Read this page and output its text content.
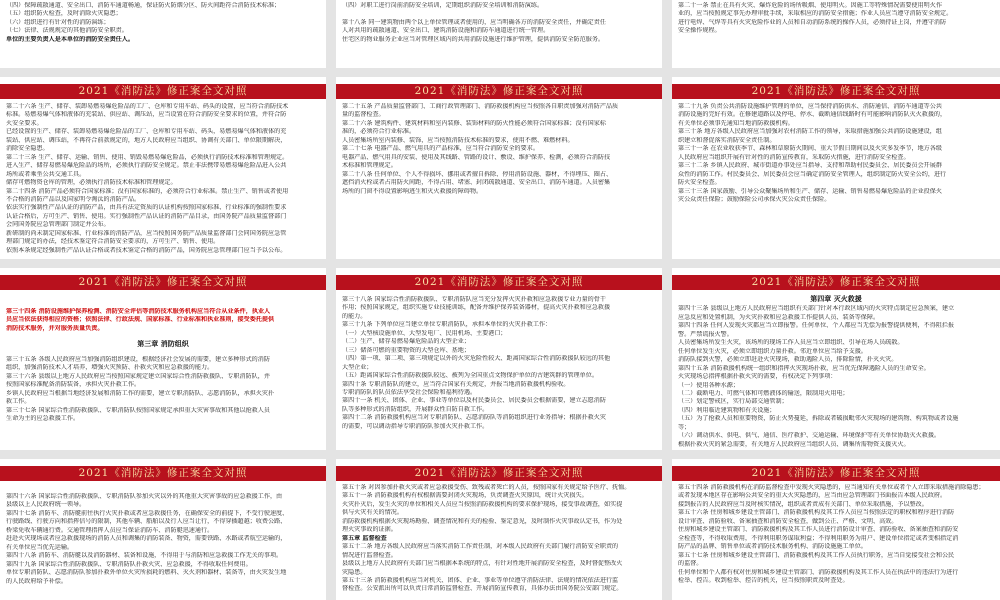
（四）保障疏散通道、安全出口、消防车通道畅通，保证防火防烟分区、防火间距符合消防技术标准；

（五）组织防火检查，及时消除火灾隐患；

（六）组织进行有针对性的消防演练；

（七）法律、法规规定的其他消防安全职责。

单位的主要负责人是本单位的消防安全责任人。

（四）对职工进行岗前消防安全培训，定期组织消防安全培训和消防演练。

第十八条 同一建筑物由两个以上单位管理或者使用的，应当明确各方的消防安全责任，并确定责任

人对共用的疏散通道、安全出口、建筑消防设施和消防车通道进行统一管理。

住宅区的物业服务企业应当对管理区域内的共用消防设施进行维护管理，提供消防安全防范服务。

第二十一条 禁止在具有火灾、爆炸危险的场所吸烟、使用明火。因施工等特殊情况需要使用明火作

业的，应当按照规定事先办理审批手续，采取相应的消防安全措施；作业人员应当遵守消防安全规定。

进行电焊、气焊等具有火灾危险作业的人员和自动消防系统的操作人员，必须持证上岗，并遵守消防

安全操作规程。

2021《消防法》修正案全文对照

第二十六条 生产、储存、装卸易燃易爆危险品的工厂、仓库和专用车站、码头的设置，应当符合消防技术

标准。易燃易爆气体和液体的充装站、供应站、调压站，应当设置在符合消防安全要求的位置，并符合防

火安全要求。

已经设置的生产、储存、装卸易燃易爆危险品的工厂、仓库和专用车站、码头，易燃易爆气体和液体的充

装站、供应站、调压站，不再符合前款规定的，地方人民政府应当组织、协调有关部门、单位限期解决，

消除安全隐患。

第二十三条 生产、储存、运输、销售、使用、销毁易燃易爆危险品，必须执行消防技术标准和管理规定。

进入生产、储存易燃易爆危险品的场所，必须执行消防安全规定。禁止非法携带易燃易爆危险品进入公共

场所或者乘坐公共交通工具。

储存可燃物资仓库的管理，必须执行消防技术标准和管理规定。

第二十四条 消防产品必须符合国家标准；没有国家标准的，必须符合行业标准。禁止生产、销售或者使用

不合格的消防产品以及国家明令淘汰的消防产品。

依法实行强制性产品认证的消防产品，由具有法定资质的认证机构按照国家标准、行业标准的强制性要求

认证合格后，方可生产、销售、使用。实行强制性产品认证的消防产品目录，由国务院产品质量监督部门

会同国务院应急管理部门制定并公布。

新研制的尚未制定国家标准、行业标准的消防产品，应当按照国务院产品质量监督部门会同国务院应急管

理部门规定的办法，经技术鉴定符合消防安全要求的，方可生产、销售、使用。

依照本条规定经强制性产品认证合格或者技术鉴定合格的消防产品，国务院应急管理部门应当予以公布。

2021《消防法》修正案全文对照

第二十五条 产品质量监督部门、工商行政管理部门、消防救援机构应当按照各自职责加强对消防产品质

量的监督检查。

第二十六条 建筑构件、建筑材料和室内装修、装饰材料的防火性能必须符合国家标准；没有国家标

准的，必须符合行业标准。

人员密集场所室内装修、装饰，应当按照消防技术标准的要求，使用不燃、难燃材料。

第二十七条 电器产品、燃气用具的产品标准，应当符合消防安全的要求。

电器产品、燃气用具的安装、使用及其线路、管路的设计、敷设、维护保养、检测，必须符合消防技

术标准和管理规定。

第二十八条 任何单位、个人不得损坏、挪用或者擅自拆除、停用消防设施、器材，不得埋压、圈占、

遮挡消火栓或者占用防火间距，不得占用、堵塞、封闭疏散通道、安全出口、消防车通道。人员密集

场所的门窗不得设置影响逃生和灭火救援的障碍物。

2021《消防法》修正案全文对照

第二十九条 负责公共消防设施维护管理的单位，应当保持消防供水、消防通信、消防车通道等公共

消防设施的完好有效。在修建道路以及停电、停水、截断通信线路时有可能影响消防队灭火救援的，

有关单位必须事先通知当地消防救援机构。

第三十条 地方各级人民政府应当加强对农村消防工作的领导，采取措施加强公共消防设施建设，组

织建立和督促落实消防安全责任制。

第三十一条 在农业收获季节、森林和草原防火期间、重大节假日期间以及火灾多发季节，地方各级

人民政府应当组织开展有针对性的消防宣传教育，采取防火措施，进行消防安全检查。

第三十二条 乡镇人民政府、城市街道办事处应当指导、支持和帮助村民委员会、居民委员会开展群

众性的消防工作。村民委员会、居民委员会应当确定消防安全管理人，组织制定防火安全公约，进行

防火安全检查。

第三十三条 国家鼓励、引导公众聚集场所和生产、储存、运输、销售易燃易爆危险品的企业投保火

灾公众责任保险；鼓励保险公司承保火灾公众责任保险。

2021《消防法》修正案全文对照

第三十四条 消防设施维护保养检测、消防安全评估等消防技术服务机构应当符合从业条件，执业人

员应当依法获得相应的资格；依照法律、行政法规、国家标准、行业标准和执业准则，接受委托提供

消防技术服务，并对服务质量负责。

第三章 消防组织

第三十五条 各级人民政府应当加强消防组织建设，根据经济社会发展的需要，建立多种形式的消防

组织，加强消防技术人才培养，增强火灾预防、扑救火灾和应急救援的能力。

第三十六条 县级以上地方人民政府应当按照国家规定建立国家综合性消防救援队、专职消防队，并

按照国家标准配备消防装备，承担火灾扑救工作。

乡镇人民政府应当根据当地经济发展和消防工作的需要，建立专职消防队、志愿消防队，承担火灾扑

救工作。

第三十七条 国家综合性消防救援队、专职消防队按照国家规定承担重大灾害事故和其他以抢救人员

生命为主的应急救援工作。

2021《消防法》修正案全文对照

第三十八条 国家综合性消防救援队、专职消防队应当充分发挥火灾扑救和应急救援专业力量的骨干

作用；按照国家规定，组织实施专业技能训练，配备并维护保养装备器材，提高火灾扑救和应急救援

的能力。

第三十九条 下列单位应当建立单位专职消防队，承担本单位的火灾扑救工作：

（一）大型核设施单位、大型发电厂、民用机场、主要港口；

（二）生产、储存易燃易爆危险品的大型企业；

（三）储备可燃的重要物资的大型仓库、基地；

（四）第一项、第二项、第三项规定以外的火灾危险性较大、距离国家综合性消防救援队较远的其他

大型企业；

（五）距离国家综合性消防救援队较远、被列为全国重点文物保护单位的古建筑群的管理单位。

第四十条 专职消防队的建立，应当符合国家有关规定，并报当地消防救援机构验收。

专职消防队的队员依法享受社会保险和福利待遇。

第四十一条 机关、团体、企业、事业等单位以及村民委员会、居民委员会根据需要，建立志愿消防

队等多种形式的消防组织，开展群众性自防自救工作。

第四十二条 消防救援机构应当对专职消防队、志愿消防队等消防组织进行业务指导；根据扑救火灾

的需要，可以调动指导专职消防队参加火灾扑救工作。

2021《消防法》修正案全文对照

第四章 灭火救援

第四十三条 县级以上地方人民政府应当组织有关部门针对本行政区域内的火灾特点制定应急预案，建立

应急反应和处置机制，为火灾扑救和应急救援工作提供人员、装备等保障。

第四十四条 任何人发现火灾都应当立即报警。任何单位、个人都应当无偿为报警提供便利，不得阻拦报

警。严禁谎报火警。

人员密集场所发生火灾，该场所的现场工作人员应当立即组织、引导在场人员疏散。

任何单位发生火灾，必须立即组织力量扑救。邻近单位应当给予支援。

消防队接到火警，必须立即赶赴火灾现场，救助遇险人员，排除险情，扑灭火灾。

第四十五条 消防救援机构统一组织和指挥火灾现场扑救，应当优先保障遇险人员的生命安全。

火灾现场总指挥根据扑救火灾的需要，有权决定下列事项：

（一）使用各种水源；

（二）截断电力、可燃气体和可燃液体的输送，限制用火用电；

（三）划定警戒区，实行局部交通管制；

（四）利用临近建筑物和有关设施；

（五）为了抢救人员和重要物资，防止火势蔓延，拆除或者破损毗邻火灾现场的建筑物、构筑物或者设施

等；

（六）调动供水、供电、供气、通信、医疗救护、交通运输、环境保护等有关单位协助灭火救援。

根据扑救火灾的紧急需要，有关地方人民政府应当组织人员、调集所需物资支援灭火。

2021《消防法》修正案全文对照

第四十六条 国家综合性消防救援队、专职消防队参加火灾以外的其他重大灾害事故的应急救援工作，由

县级以上人民政府统一领导。

第四十七条 消防车、消防艇前往执行火灾扑救或者应急救援任务，在确保安全的前提下，不受行驶速度、

行驶路线、行驶方向和指挥信号的限制，其他车辆、船舶以及行人应当让行，不得穿插超越；收费公路、

桥梁免收车辆通行费。交通管理指挥人员应当保证消防车、消防艇迅速通行。

赶赴火灾现场或者应急救援现场的消防人员和调集的消防装备、物资，需要铁路、水路或者航空运输的，

有关单位应当优先运输。

第四十八条 消防车、消防艇以及消防器材、装备和设施，不得用于与消防和应急救援工作无关的事项。

第四十九条 国家综合性消防救援队、专职消防队扑救火灾、应急救援，不得收取任何费用。

单位专职消防队、志愿消防队参加扑救外单位火灾所损耗的燃料、灭火剂和器材、装备等，由火灾发生地

的人民政府给予补偿。

2021《消防法》修正案全文对照

第五十条 对因参加扑救火灾或者应急救援受伤、致残或者死亡的人员，按照国家有关规定给予医疗、抚恤。

第五十一条 消防救援机构有权根据需要封闭火灾现场，负责调查火灾原因，统计火灾损失。

火灾扑灭后，发生火灾的单位和相关人员应当按照消防救援机构的要求保护现场，接受事故调查，如实提

供与火灾有关的情况。

消防救援机构根据火灾现场勘验、调查情况和有关的检验、鉴定意见，及时制作火灾事故认定书，作为处

理火灾事故的证据。

第五章 监督检查

第五十二条 地方各级人民政府应当落实消防工作责任制，对本级人民政府有关部门履行消防安全职责的

情况进行监督检查。

县级以上地方人民政府有关部门应当根据本系统的特点，有针对性地开展消防安全检查，及时督促整改火

灾隐患。

第五十三条 消防救援机构应当对机关、团体、企业、事业等单位遵守消防法律、法规的情况依法进行监

督检查。公安派出所可以负责日常消防监督检查、开展消防宣传教育，具体办法由国务院公安部门规定。

2021《消防法》修正案全文对照

第五十四条 消防救援机构在消防监督检查中发现火灾隐患的，应当通知有关单位或者个人立即采取措施消除隐患；

或者发现本地区存在影响公共安全的重大火灾隐患的，应当由应急管理部门书面报告本级人民政府。

接到报告的人民政府应当及时核实情况，组织或者责成有关部门、单位采取措施，予以整改。

第五十六条 住房和城乡建设主管部门、消防救援机构及其工作人员应当按照法定的职权和程序进行消防

设计审查、消防验收、备案抽查和消防安全检查，做到公正、严格、文明、高效。

住房和城乡建设主管部门、消防救援机构及其工作人员进行消防设计审查、消防验收、备案抽查和消防安

全检查等，不得收取费用，不得利用职务谋取利益；不得利用职务为用户、建设单位指定或者变相指定消

防产品的品牌、销售单位或者消防技术服务机构、消防设施施工单位。

第五十七条 住房和城乡建设主管部门、消防救援机构及其工作人员执行职务，应当自觉接受社会和公民

的监督。

任何单位和个人都有权对住房和城乡建设主管部门、消防救援机构及其工作人员在执法中的违法行为进行

检举、控告。收到检举、控告的机关，应当按照职责及时查处。
